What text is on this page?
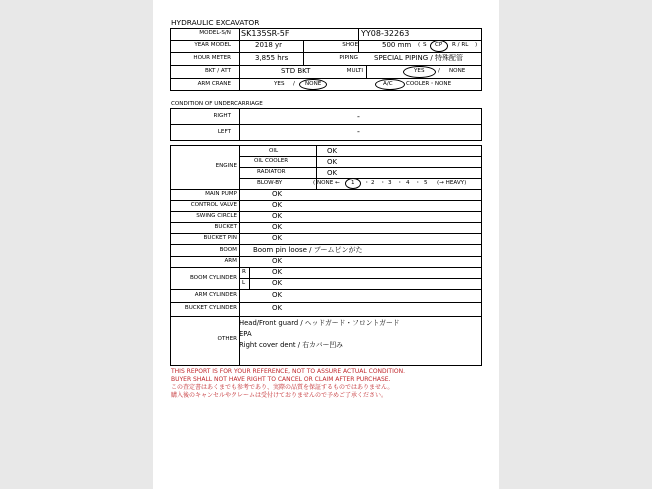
HYDRAULIC EXCAVATOR
MODEL-S/N SK135SR-5F	YY08-32263
YEAR MODEL	2018 yr	SHOE	500 mm ( S CP R / RL )
HOUR METER	3,855 hrs	PIPING SPECIAL PIPING / 特殊配管
BKT / ATT	STD BKT	MULTI	YES / NONE
ARM CRANE	YES / NONE	A/C COOLER・NONE
CONDITION OF UNDERCARRIAGE
RIGHT	-
LEFT	-
ENGINE
OIL	OK
OIL COOLER	OK
RADIATOR	OK
BLOW-BY	( NONE ← 1 ・ 2 ・ 3 ・ 4 ・ 5 (→ HEAVY)
MAIN PUMP	OK
CONTROL VALVE	OK
SWING CIRCLE	OK
BUCKET	OK
BUCKET PIN	OK
BOOM Boom pin loose / ブームピンがた
ARM	OK
BOOM CYLINDER
R	OK
L	OK
ARM CYLINDER	OK
BUCKET CYLINDER	OK
OTHER
Head/Front guard / ヘッドガード・フロントガード
EPA
Right cover dent / 右カバー凹み
THIS REPORT IS FOR YOUR REFERENCE, NOT TO ASSURE ACTUAL CONDITION.
BUYER SHALL NOT HAVE RIGHT TO CANCEL OR CLAIM AFTER PURCHASE.
この査定書はあくまでも参考であり、実際の品質を保証するものではありません。
購入後のキャンセルやクレームは受付けておりませんので予めご了承ください。
